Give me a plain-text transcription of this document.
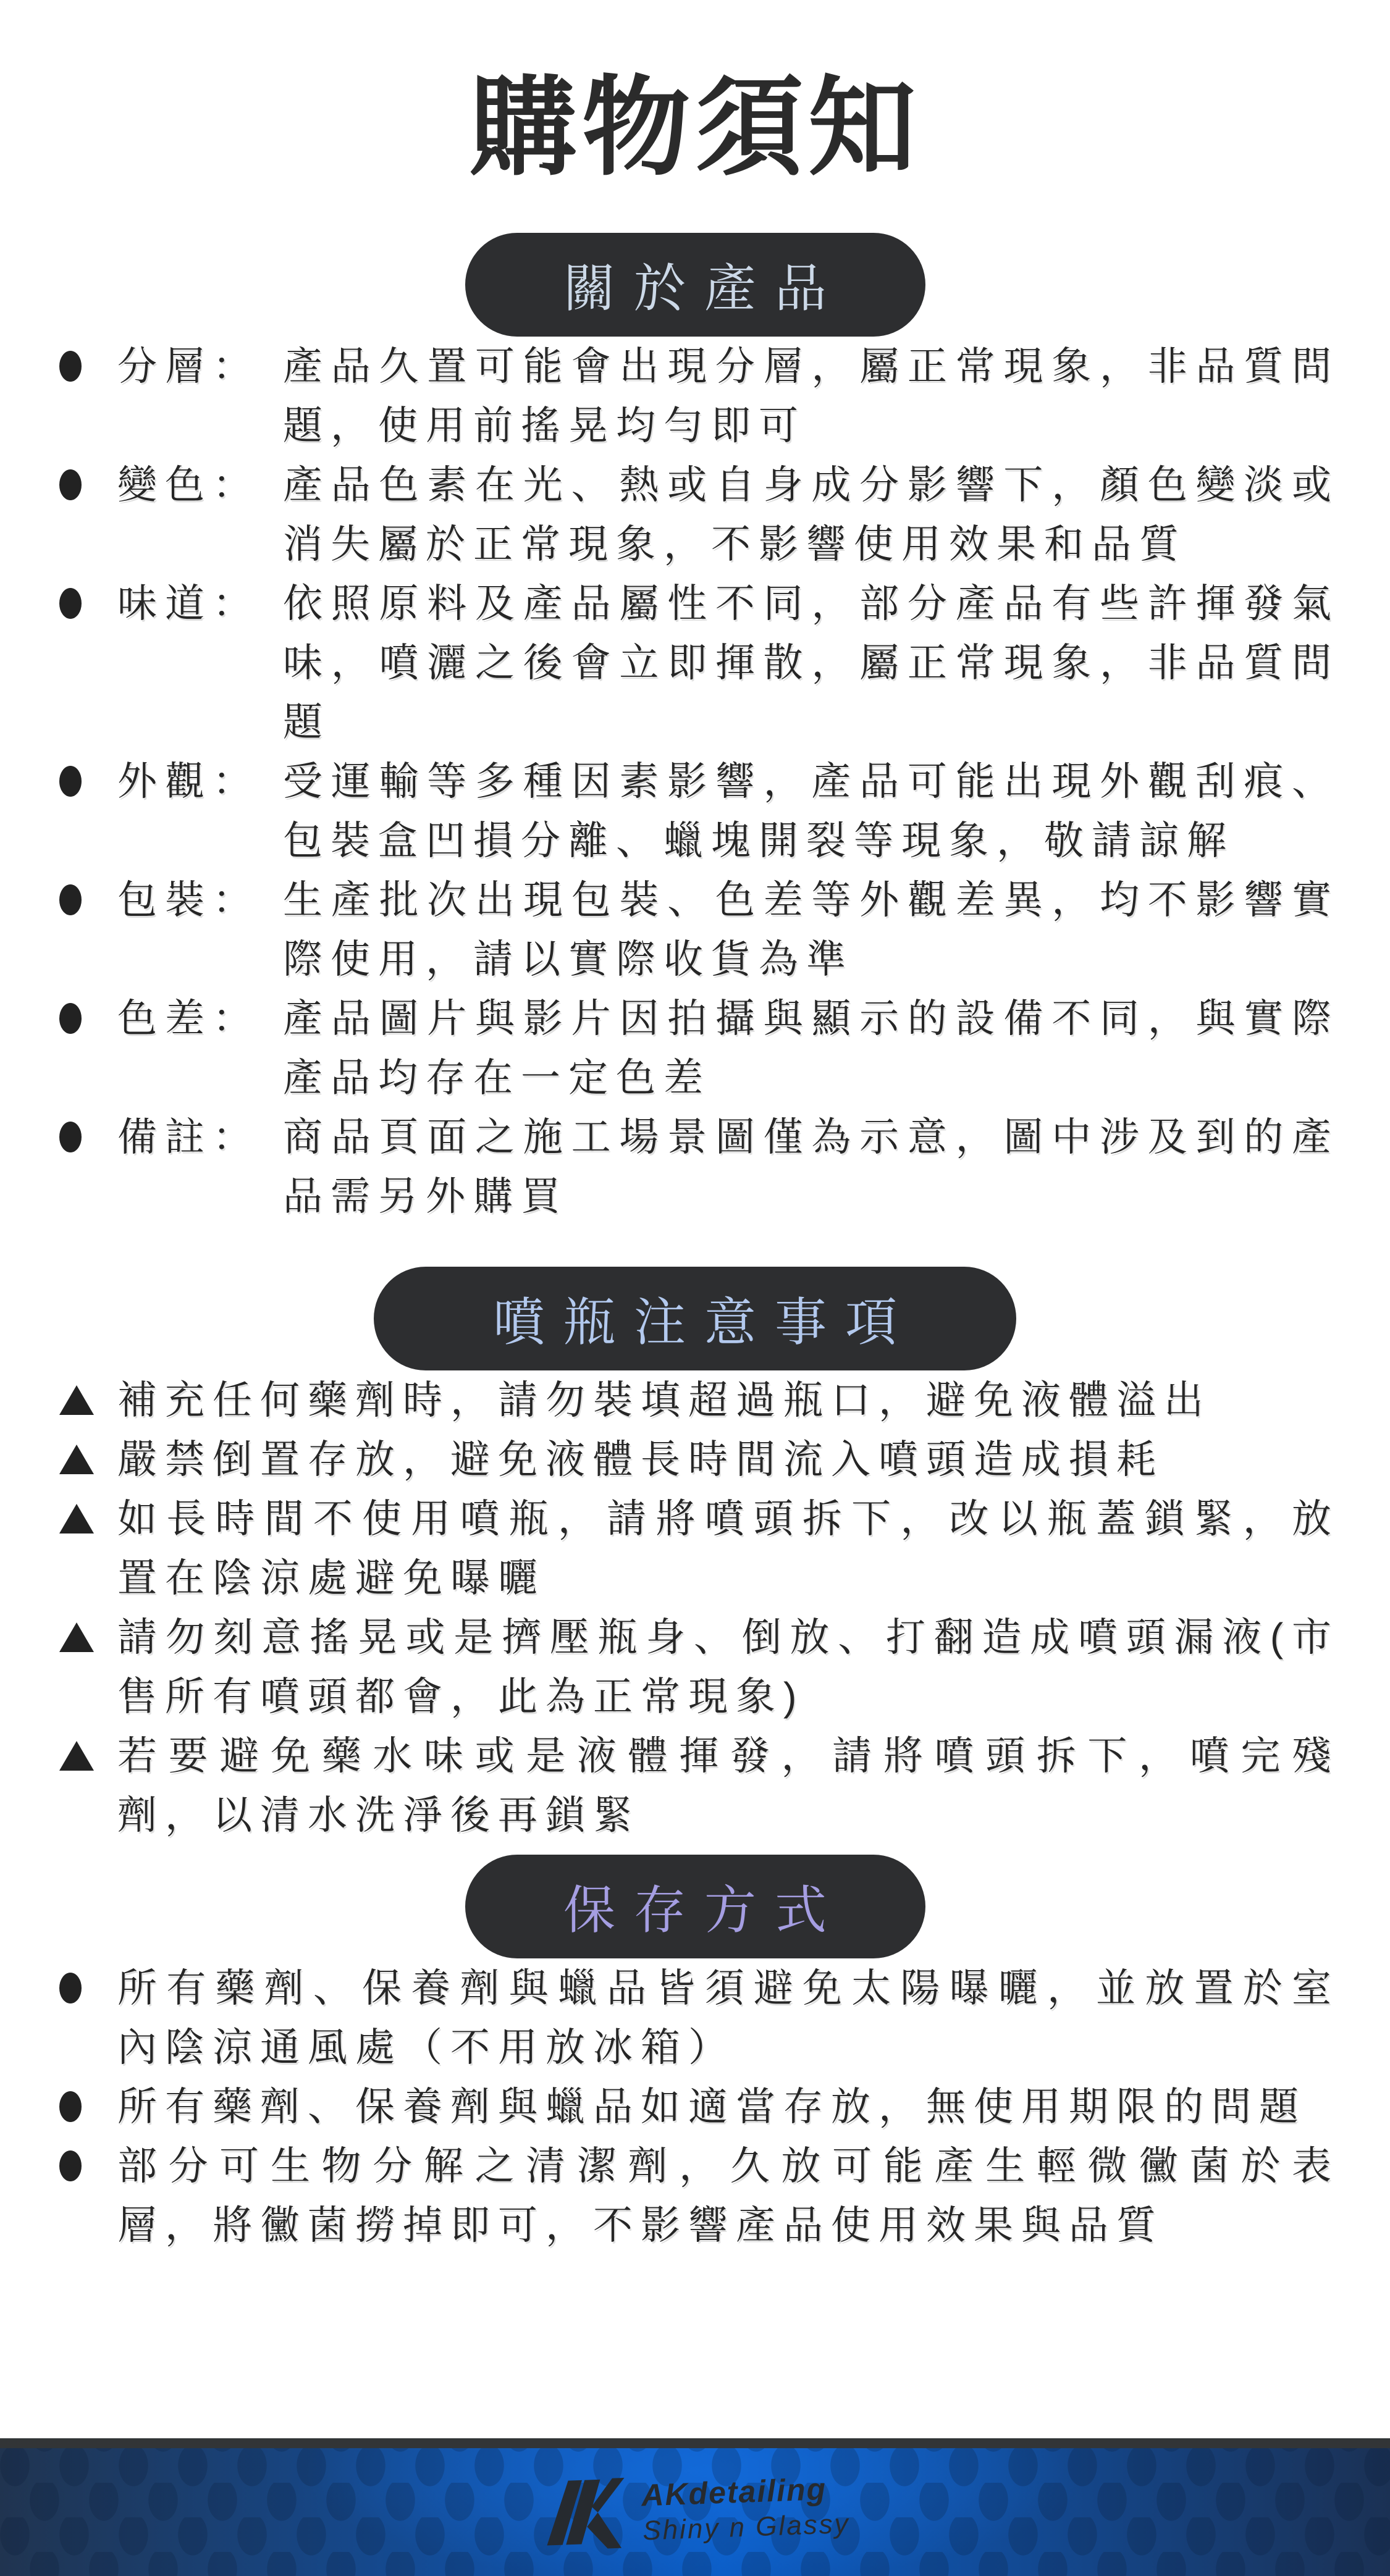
購物須知
關於產品
分層： 產品久置可能會出現分層，屬正常現象，非品質問題，使用前搖晃均勻即可
變色： 產品色素在光、熱或自身成分影響下，顏色變淡或消失屬於正常現象，不影響使用效果和品質
味道： 依照原料及產品屬性不同，部分產品有些許揮發氣味，噴灑之後會立即揮散，屬正常現象，非品質問題
外觀： 受運輸等多種因素影響，產品可能出現外觀刮痕、包裝盒凹損分離、蠟塊開裂等現象，敬請諒解
包裝： 生產批次出現包裝、色差等外觀差異，均不影響實際使用，請以實際收貨為準
色差： 產品圖片與影片因拍攝與顯示的設備不同，與實際產品均存在一定色差
備註： 商品頁面之施工場景圖僅為示意，圖中涉及到的產品需另外購買
噴瓶注意事項
補充任何藥劑時，請勿裝填超過瓶口，避免液體溢出
嚴禁倒置存放，避免液體長時間流入噴頭造成損耗
如長時間不使用噴瓶，請將噴頭拆下，改以瓶蓋鎖緊，放置在陰涼處避免曝曬
請勿刻意搖晃或是擠壓瓶身、倒放、打翻造成噴頭漏液(市售所有噴頭都會，此為正常現象)
若要避免藥水味或是液體揮發，請將噴頭拆下，噴完殘劑，以清水洗淨後再鎖緊
保存方式
所有藥劑、保養劑與蠟品皆須避免太陽曝曬，並放置於室內陰涼通風處（不用放冰箱）
所有藥劑、保養劑與蠟品如適當存放，無使用期限的問題
部分可生物分解之清潔劑，久放可能產生輕微黴菌於表層，將黴菌撈掉即可，不影響產品使用效果與品質
AKdetailing
Shiny n Glassy
